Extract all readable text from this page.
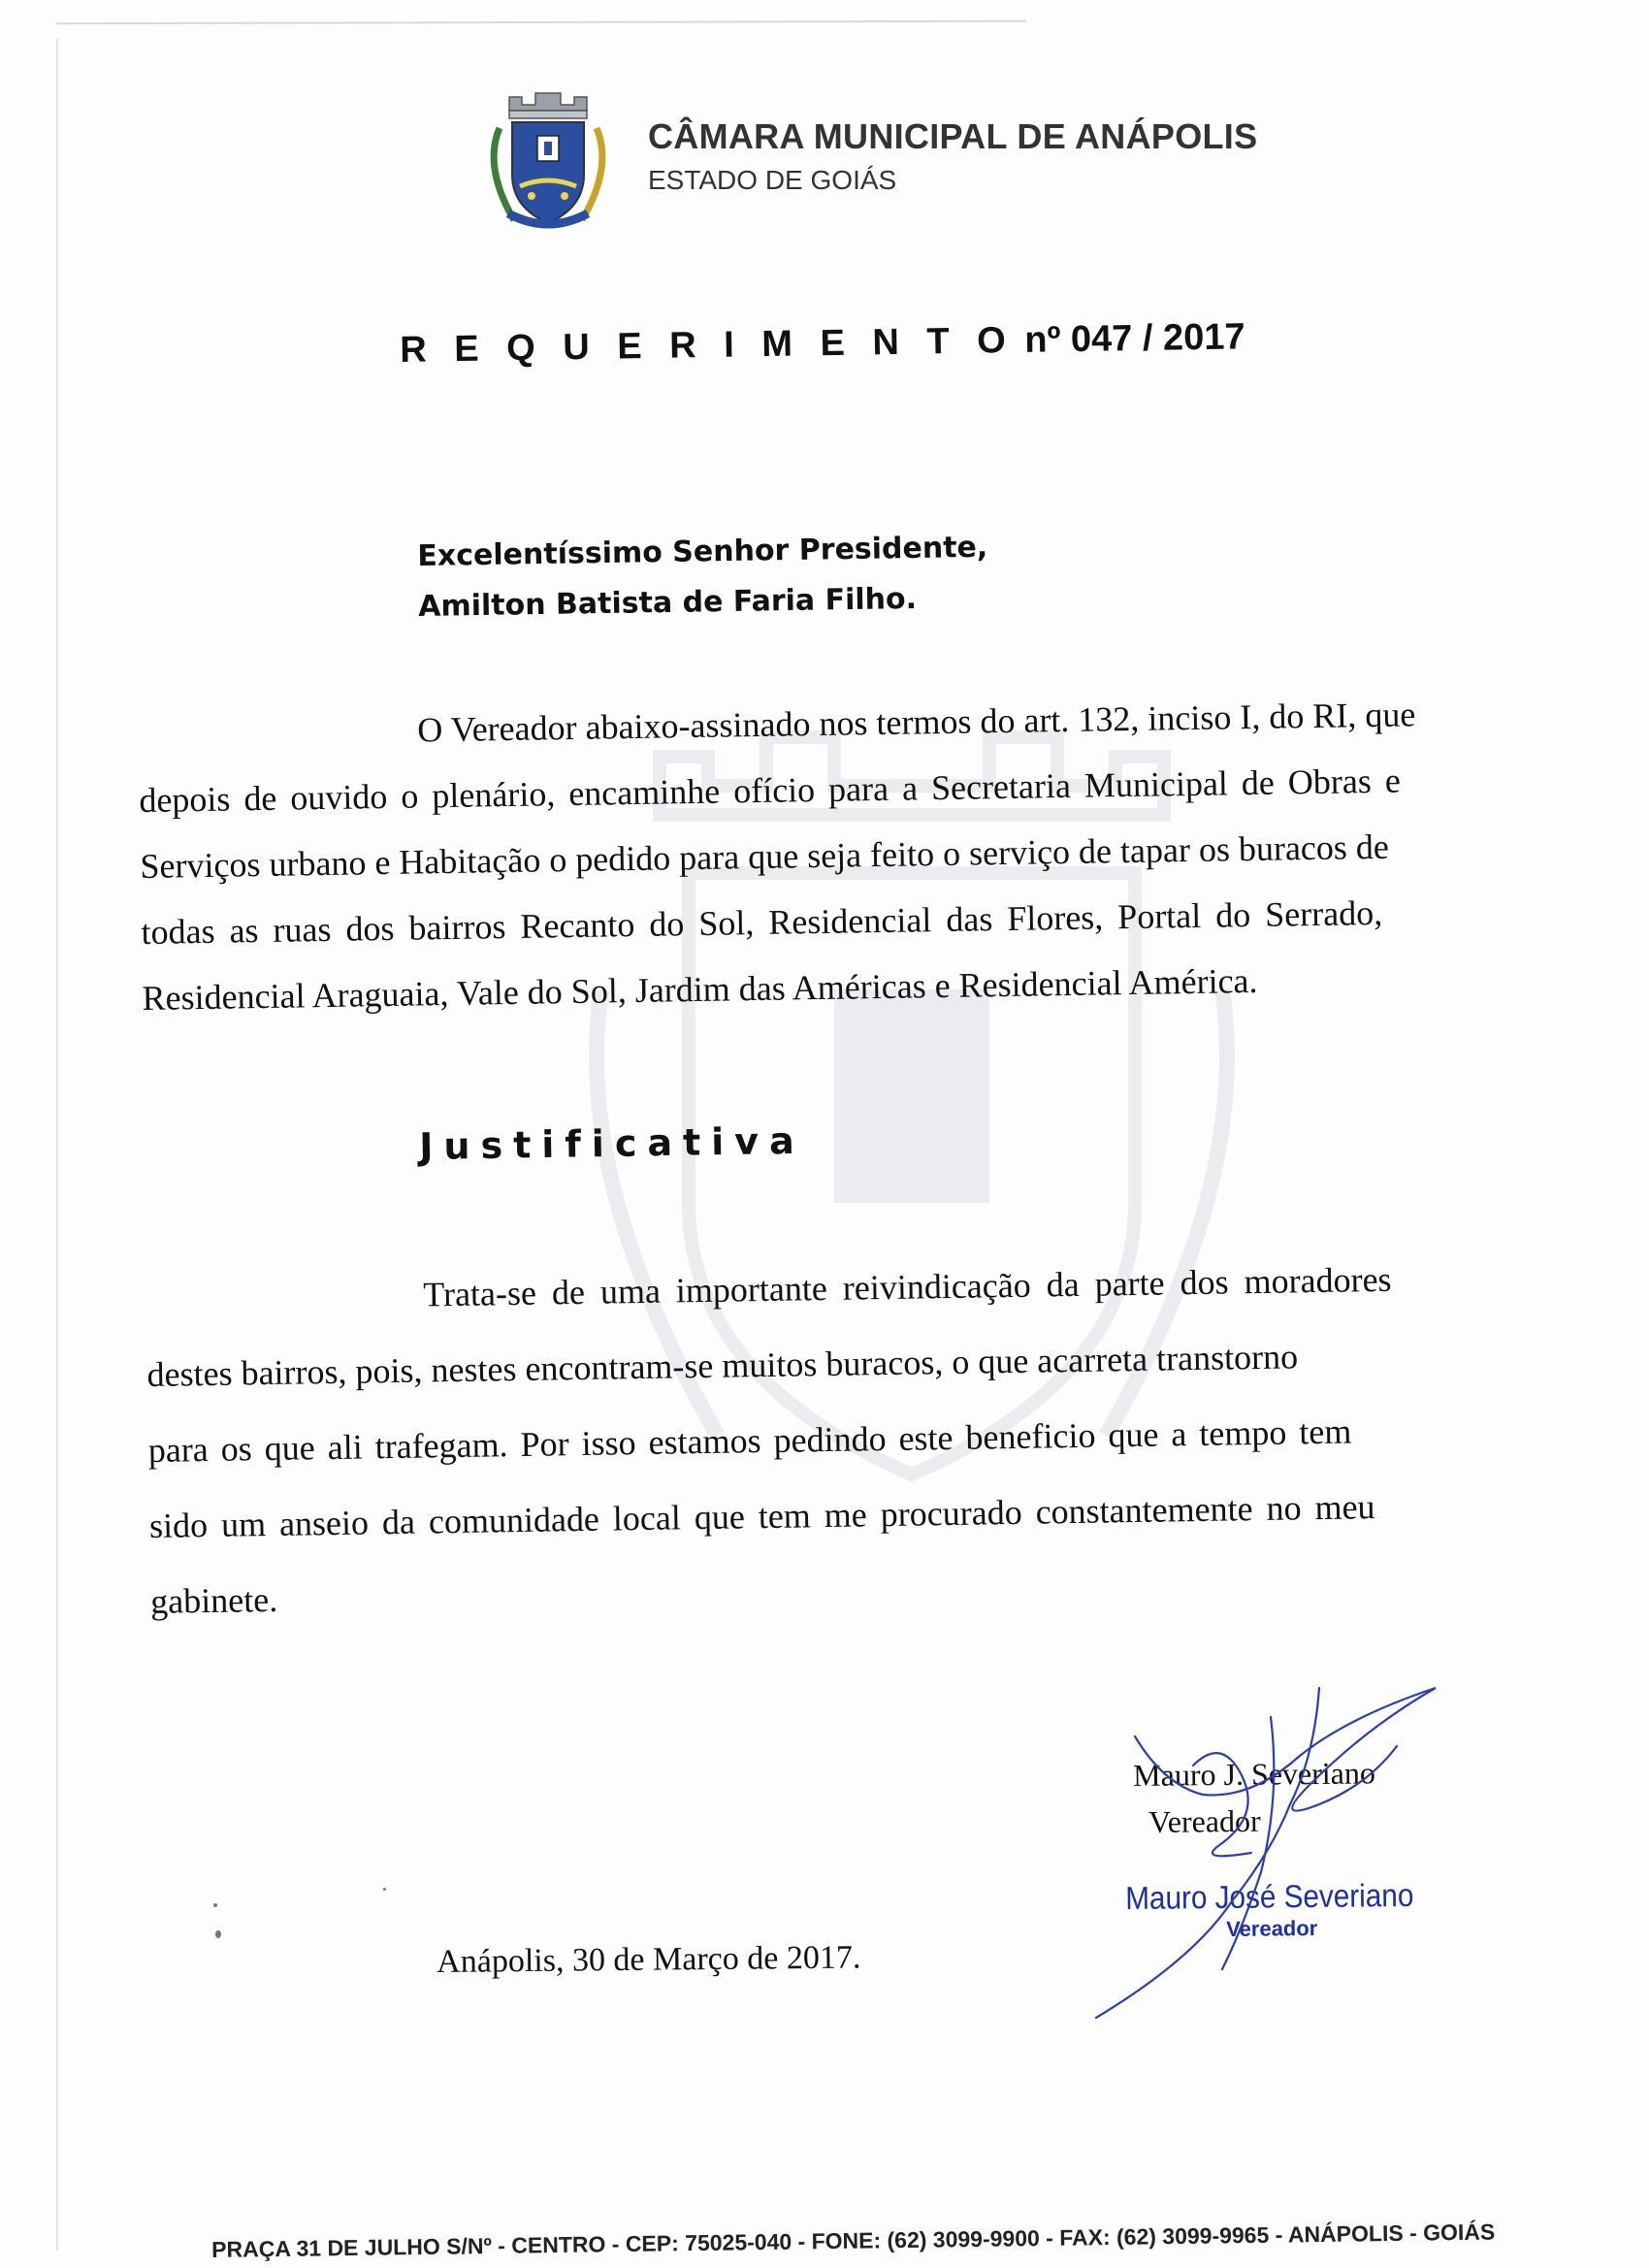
CÂMARA MUNICIPAL DE ANÁPOLIS
ESTADO DE GOIÁS
R E Q U E R I M E N T O nº 047 / 2017
Excelentíssimo Senhor Presidente,
Amilton Batista de Faria Filho.
O Vereador abaixo-assinado nos termos do art. 132, inciso I, do RI, que
depois de ouvido o plenário, encaminhe ofício para a Secretaria Municipal de Obras e
Serviços urbano e Habitação o pedido para que seja feito o serviço de tapar os buracos de
todas as ruas dos bairros Recanto do Sol, Residencial das Flores, Portal do Serrado,
Residencial Araguaia, Vale do Sol, Jardim das Américas e Residencial América.
Justificativa
Trata-se de uma importante reivindicação da parte dos moradores
destes bairros, pois, nestes encontram-se muitos buracos, o que acarreta transtorno
para os que ali trafegam. Por isso estamos pedindo este beneficio que a tempo tem
sido um anseio da comunidade local que tem me procurado constantemente no meu
gabinete.
Mauro J. Severiano
Vereador
Mauro José Severiano
Vereador
Anápolis, 30 de Março de 2017.
PRAÇA 31 DE JULHO S/Nº - CENTRO - CEP: 75025-040 - FONE: (62) 3099-9900 - FAX: (62) 3099-9965 - ANÁPOLIS - GOIÁS
